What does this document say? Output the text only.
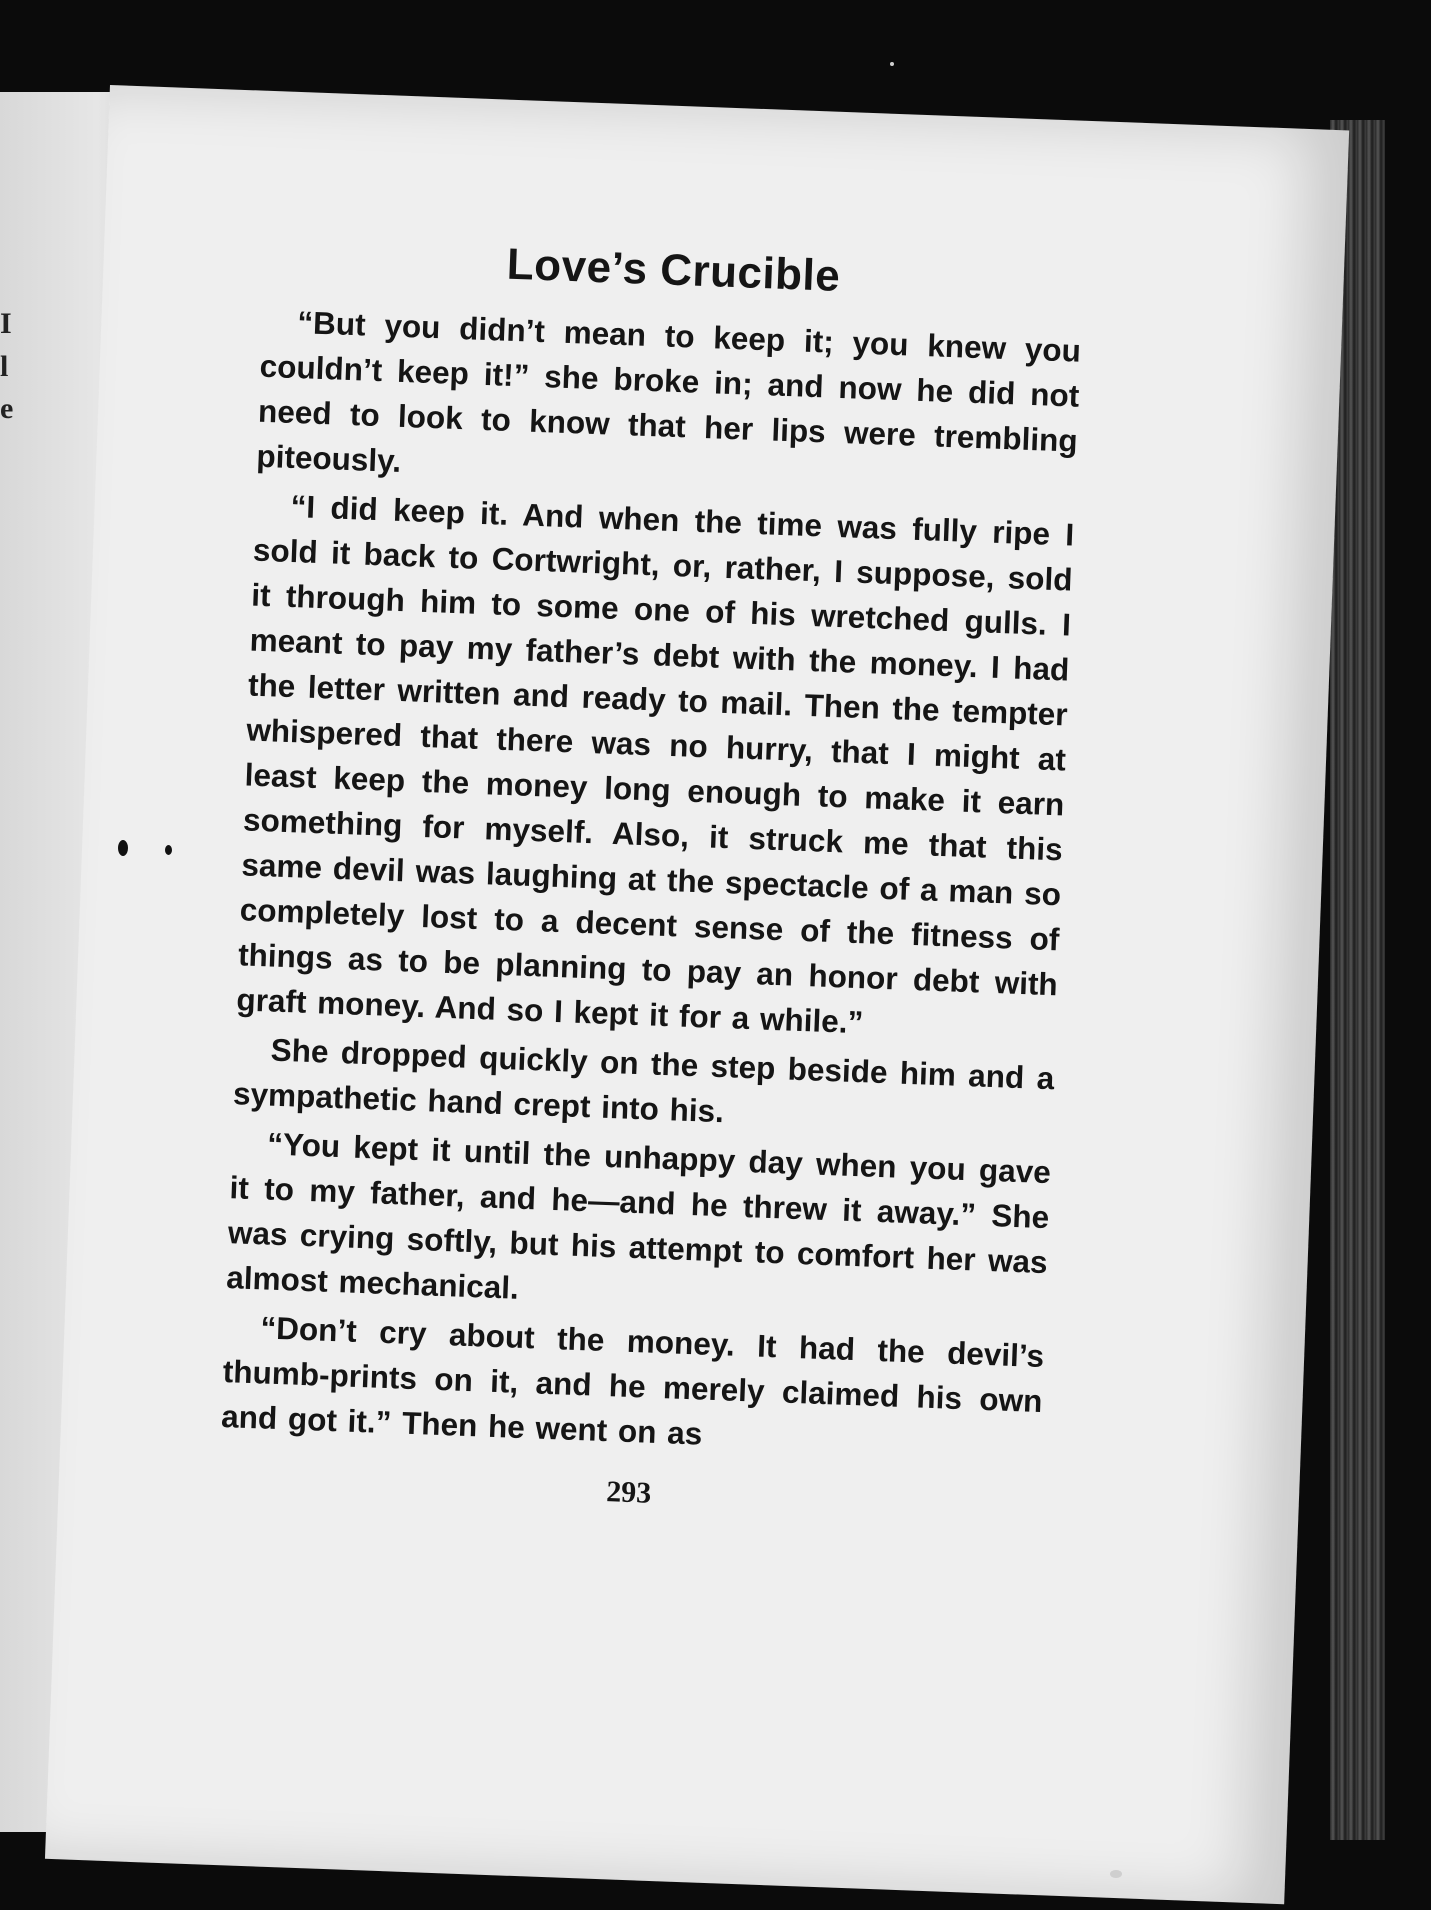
I
l
e
Love’s Crucible

“But you didn’t mean to keep it; you knew you couldn’t keep it!” she broke in; and now he did not need to look to know that her lips were trembling piteously.

“I did keep it. And when the time was fully ripe I sold it back to Cortwright, or, rather, I suppose, sold it through him to some one of his wretched gulls. I meant to pay my father’s debt with the money. I had the letter written and ready to mail. Then the tempter whispered that there was no hurry, that I might at least keep the money long enough to make it earn something for myself. Also, it struck me that this same devil was laughing at the spectacle of a man so completely lost to a decent sense of the fitness of things as to be planning to pay an honor debt with graft money. And so I kept it for a while.”

She dropped quickly on the step beside him and a sympathetic hand crept into his.

“You kept it until the unhappy day when you gave it to my father, and he—and he threw it away.” She was crying softly, but his attempt to comfort her was almost mechanical.

“Don’t cry about the money. It had the devil’s thumb-prints on it, and he merely claimed his own and got it.” Then he went on as

293
